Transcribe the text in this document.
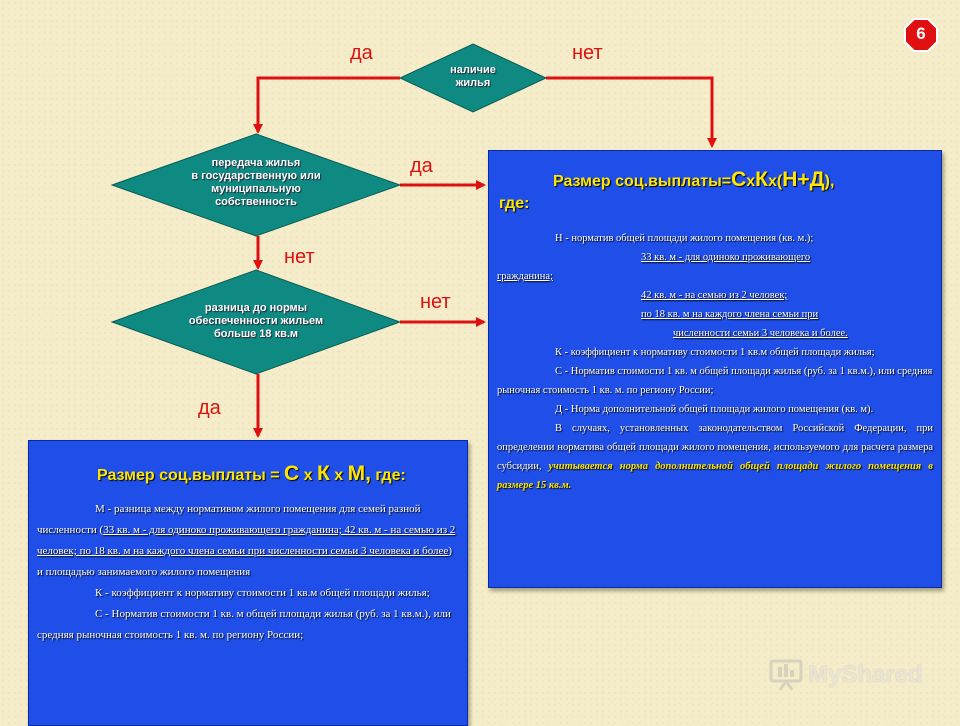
да	нет
да
нет
нет
да
наличие
жилья
передача жилья
в государственную или
муниципальную
собственность
разница до нормы
обеспеченности жильем
больше 18 кв.м
6
Размер соц.выплаты=СхКх(Н+Д),
где:

Н - норматив общей площади жилого помещения (кв. м.);

33 кв. м - для одиноко проживающего

гражданина;

42 кв. м - на семью из 2 человек;

по 18 кв. м на каждого члена семьи при

численности семьи 3 человека и более.

К - коэффициент к нормативу стоимости 1 кв.м общей площади жилья;

С - Норматив стоимости 1 кв. м общей площади жилья (руб. за 1 кв.м.), или средняя рыночная стоимость 1 кв. м. по региону России;

Д - Норма дополнительной общей площади жилого помещения (кв. м).

В случаях, установленных законодательством Российской Федерации, при определении норматива общей площади жилого помещения, используемого для расчета размера субсидии, учитывается норма дополнительной общей площади жилого помещения в размере 15 кв.м.

Размер соц.выплаты = С х К х М, где:

М - разница между нормативом жилого помещения для семей разной численности (33 кв. м - для одиноко проживающего гражданина; 42 кв. м - на семью из 2 человек; по 18 кв. м на каждого члена семьи при численности семьи 3 человека и более) и площадью занимаемого жилого помещения

К - коэффициент к нормативу стоимости 1 кв.м общей площади жилья;

С - Норматив стоимости 1 кв. м общей площади жилья (руб. за 1 кв.м.), или средняя рыночная стоимость 1 кв. м. по региону России;

MyShared
